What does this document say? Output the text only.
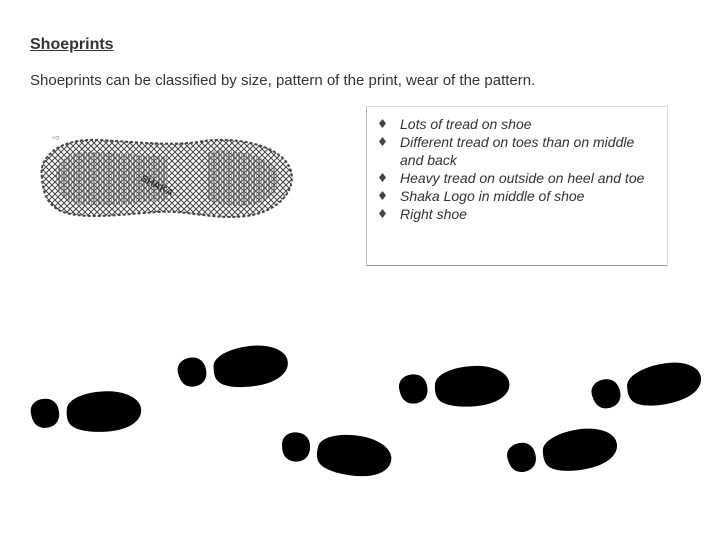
Shoeprints
Shoeprints can be classified by size, pattern of the print, wear of the pattern.
SHAKA
◦○
Lots of tread on shoe
Different tread on toes than on middle and back
Heavy tread on outside on heel and toe
Shaka Logo in middle of shoe
Right shoe
